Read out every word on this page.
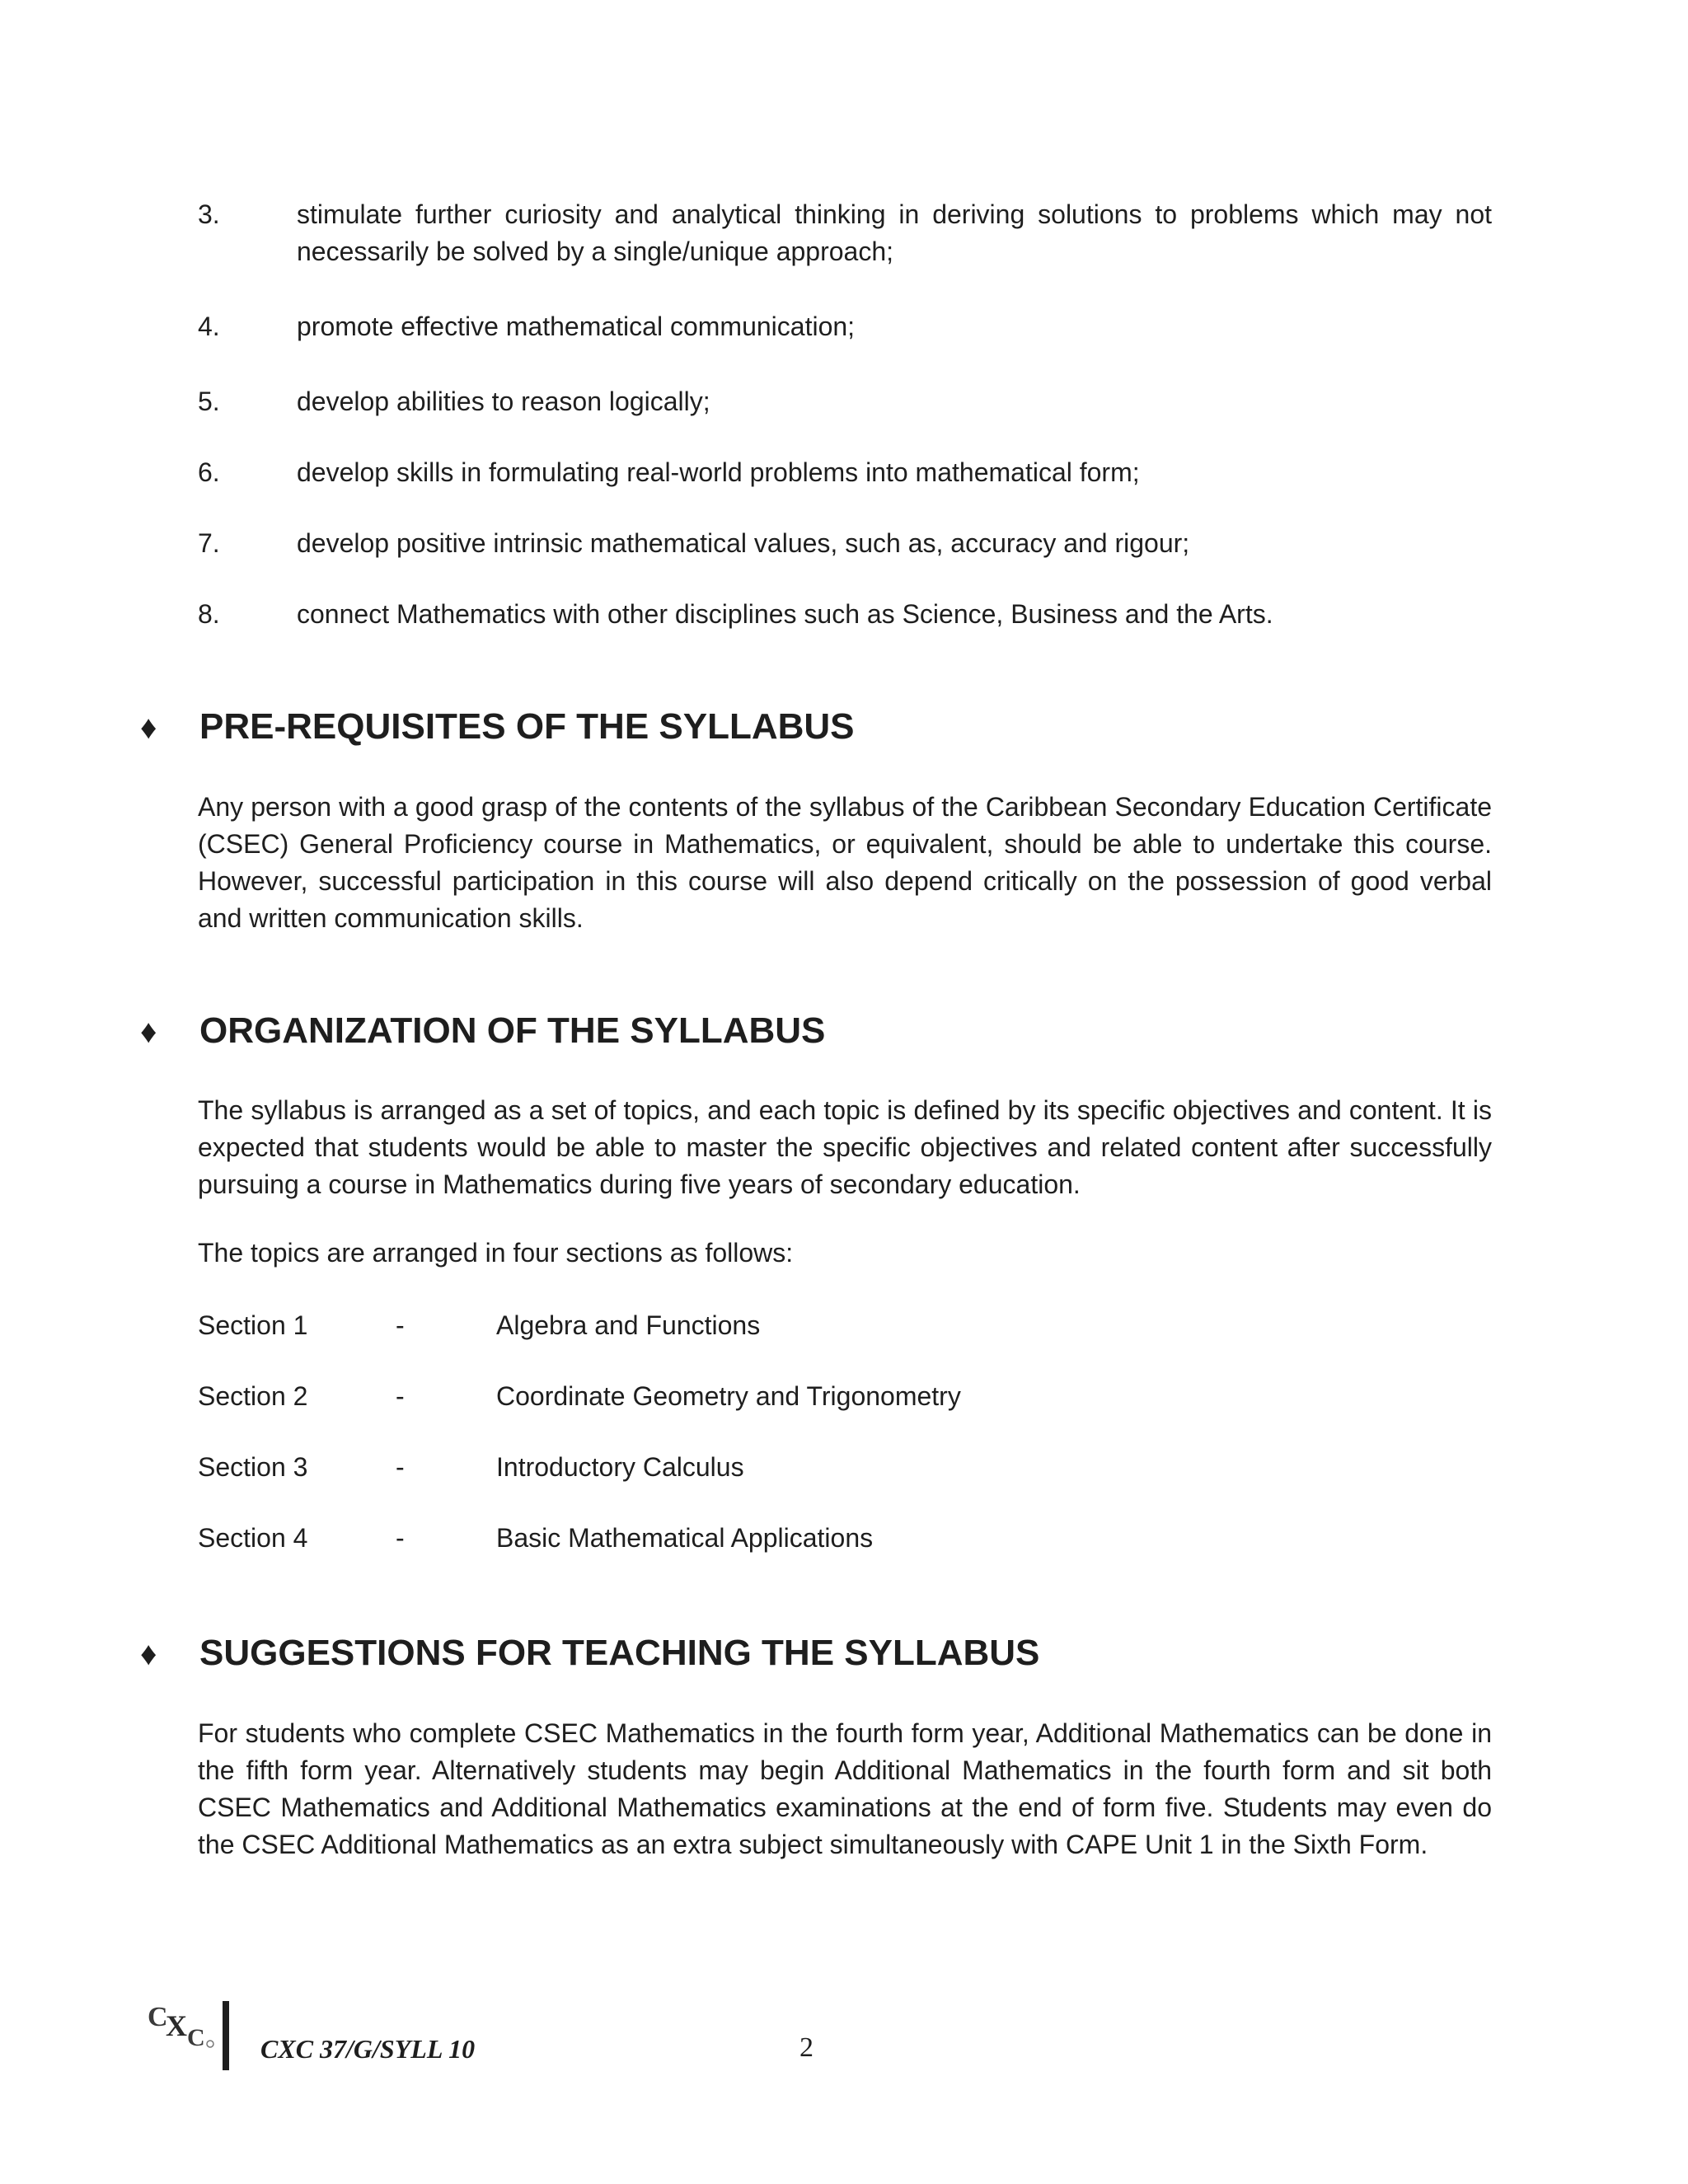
3.	stimulate further curiosity and analytical thinking in deriving solutions to problems which may not necessarily be solved by a single/unique approach;
4.	promote effective mathematical communication;
5.	develop abilities to reason logically;
6.	develop skills in formulating real-world problems into mathematical form;
7.	develop positive intrinsic mathematical values, such as, accuracy and rigour;
8.	connect Mathematics with other disciplines such as Science, Business and the Arts.
♦ PRE-REQUISITES OF THE SYLLABUS
Any person with a good grasp of the contents of the syllabus of the Caribbean Secondary Education Certificate (CSEC) General Proficiency course in Mathematics, or equivalent, should be able to undertake this course. However, successful participation in this course will also depend critically on the possession of good verbal and written communication skills.
♦ ORGANIZATION OF THE SYLLABUS
The syllabus is arranged as a set of topics, and each topic is defined by its specific objectives and content. It is expected that students would be able to master the specific objectives and related content after successfully pursuing a course in Mathematics during five years of secondary education.
The topics are arranged in four sections as follows:
Section 1	-	Algebra and Functions
Section 2	-	Coordinate Geometry and Trigonometry
Section 3	-	Introductory Calculus
Section 4	-	Basic Mathematical Applications
♦ SUGGESTIONS FOR TEACHING THE SYLLABUS
For students who complete CSEC Mathematics in the fourth form year, Additional Mathematics can be done in the fifth form year. Alternatively students may begin Additional Mathematics in the fourth form and sit both CSEC Mathematics and Additional Mathematics examinations at the end of form five. Students may even do the CSEC Additional Mathematics as an extra subject simultaneously with CAPE Unit 1 in the Sixth Form.
C
X C CXC 37/G/SYLL 10	2
